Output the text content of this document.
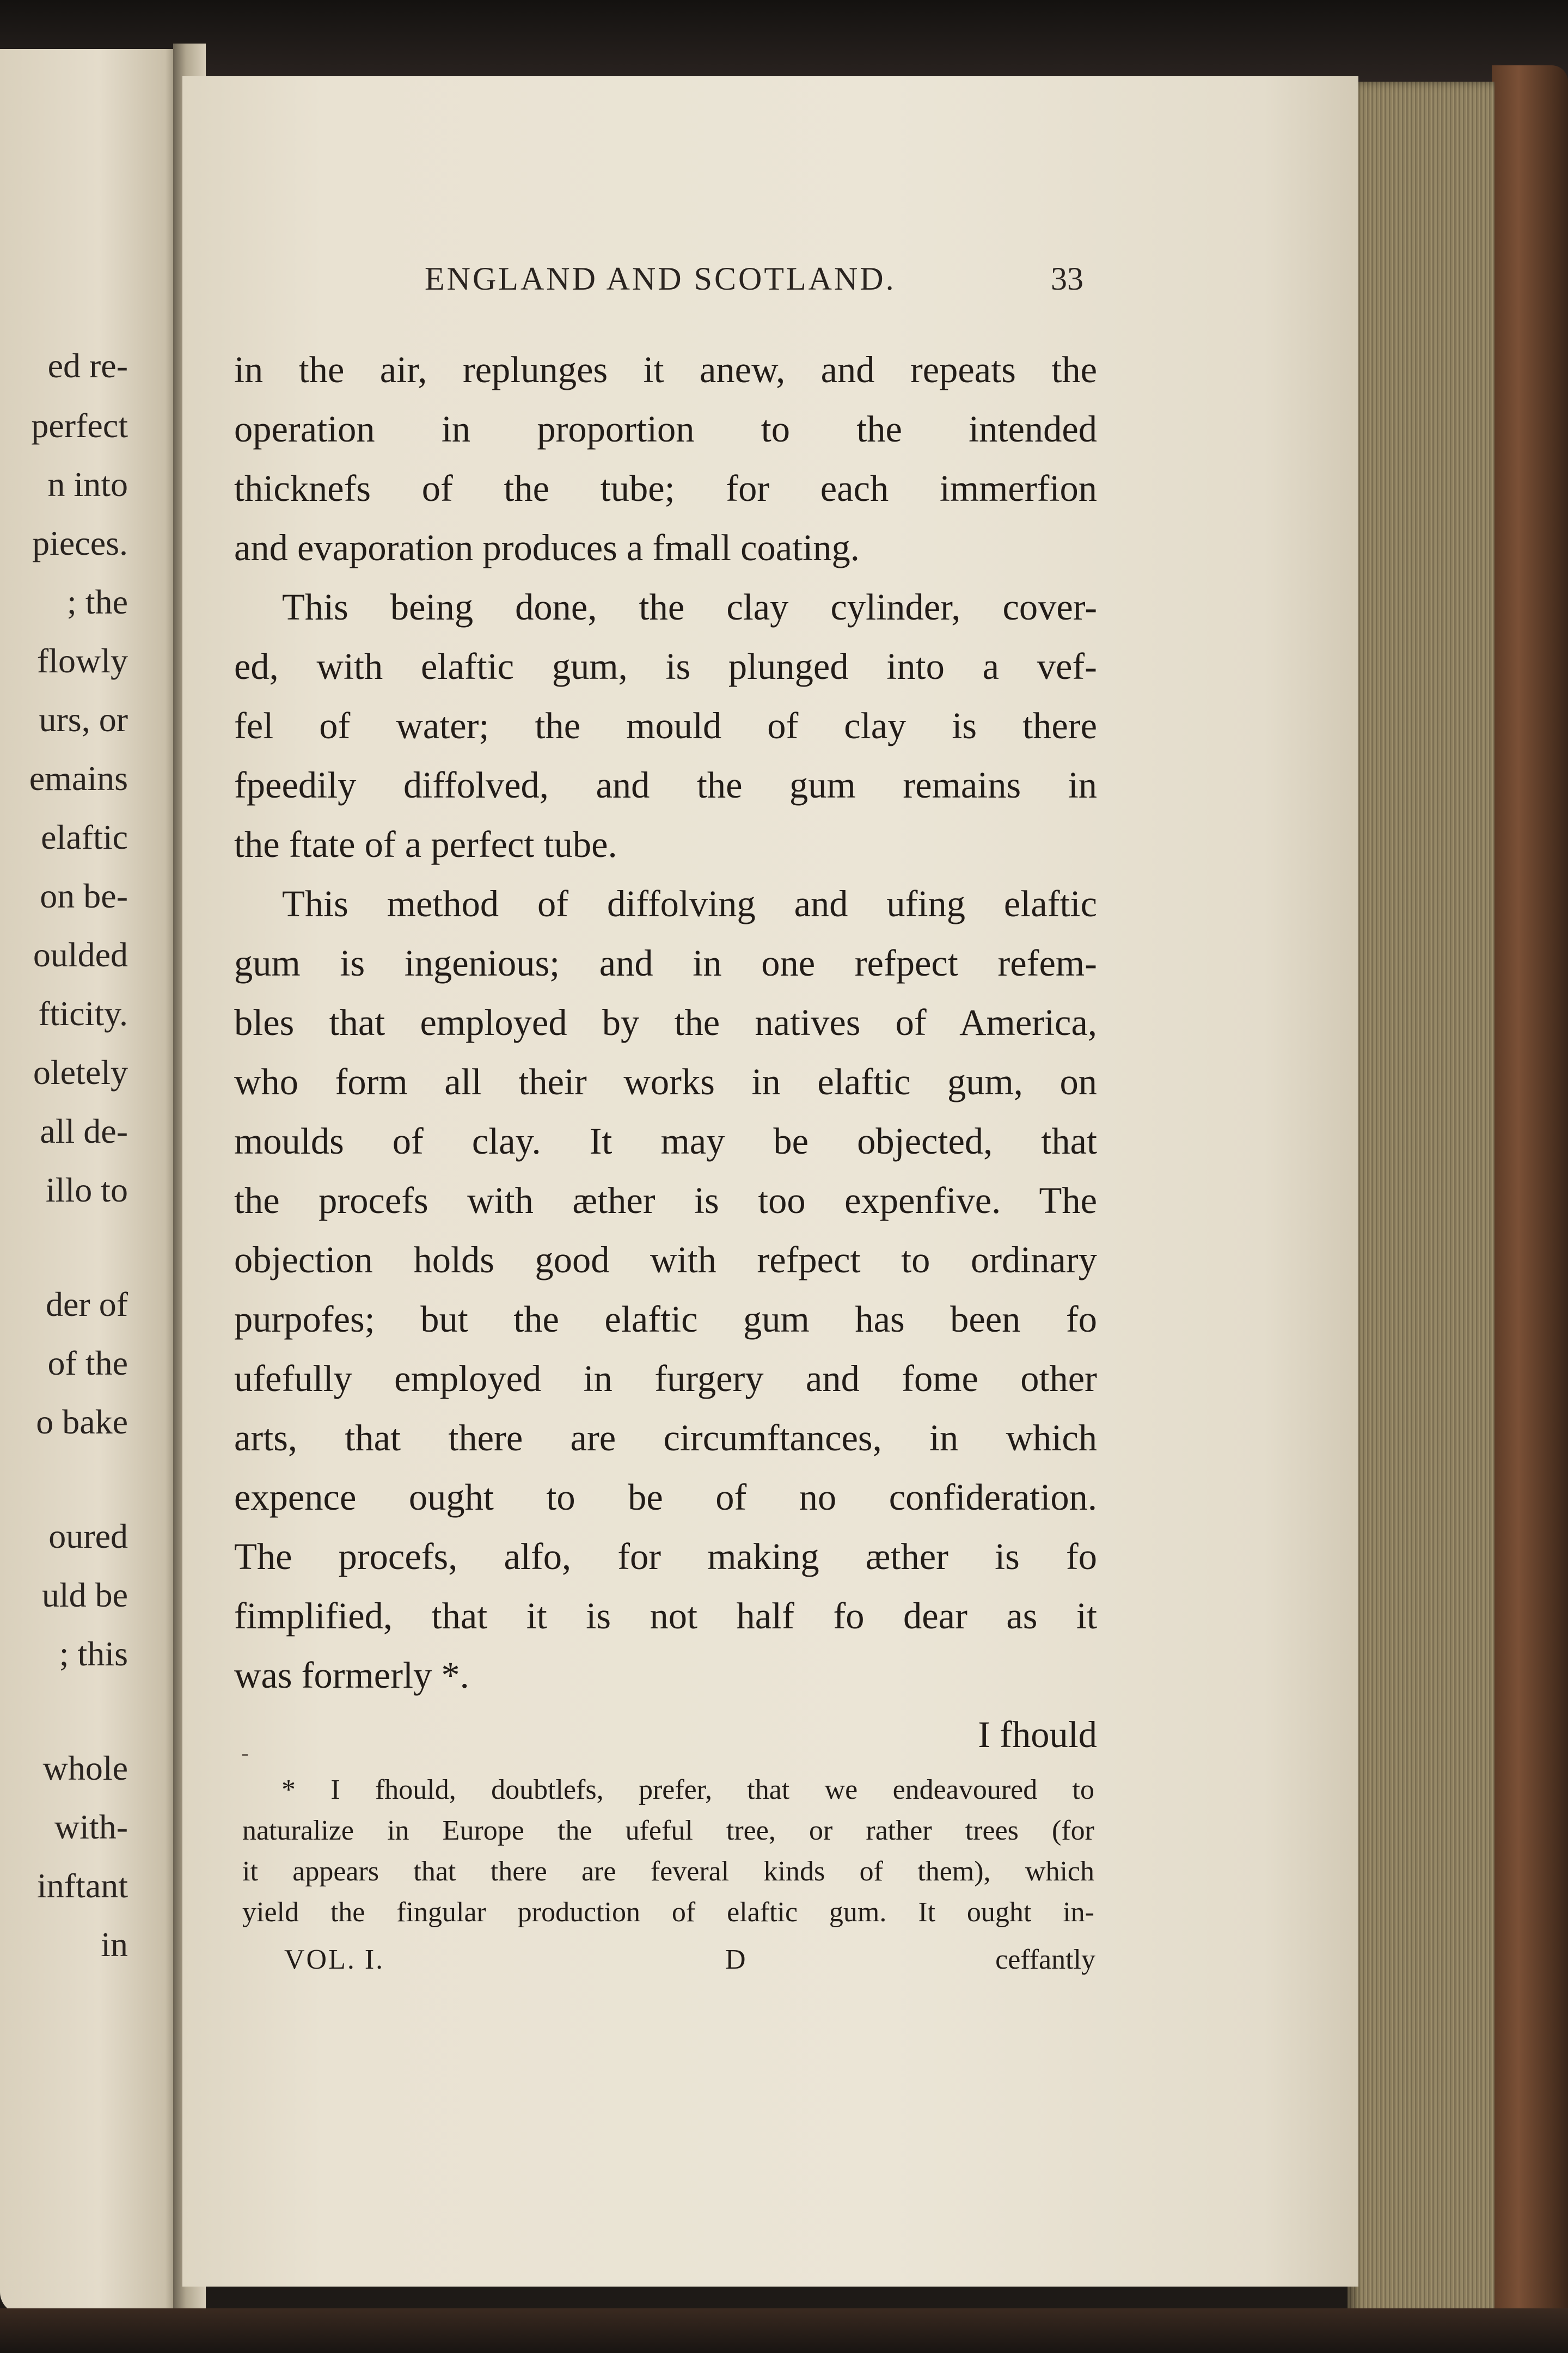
ed re-
perfect
n into
pieces.
; the
flowly
urs, or
emains
elaftic
on be-
oulded
fticity.
oletely
all de-
illo to
der of
of the
o bake
oured
uld be
; this
whole
with-
inftant
in
ENGLAND AND SCOTLAND.	33
in the air, replunges it anew, and repeats the
operation in proportion to the intended
thicknefs of the tube; for each immerfion
and evaporation produces a fmall coating.
This being done, the clay cylinder, cover-
ed, with elaftic gum, is plunged into a vef-
fel of water; the mould of clay is there
fpeedily diffolved, and the gum remains in
the ftate of a perfect tube.
This method of diffolving and ufing elaftic
gum is ingenious; and in one refpect refem-
bles that employed by the natives of America,
who form all their works in elaftic gum, on
moulds of clay. It may be objected, that
the procefs with æther is too expenfive. The
objection holds good with refpect to ordinary
purpofes; but the elaftic gum has been fo
ufefully employed in furgery and fome other
arts, that there are circumftances, in which
expence ought to be of no confideration.
The procefs, alfo, for making æther is fo
fimplified, that it is not half fo dear as it
was formerly *.
I fhould
* I fhould, doubtlefs, prefer, that we endeavoured to
naturalize in Europe the ufeful tree, or rather trees (for
it appears that there are feveral kinds of them), which
yield the fingular production of elaftic gum. It ought in-
VOL. I.	D	ceffantly
